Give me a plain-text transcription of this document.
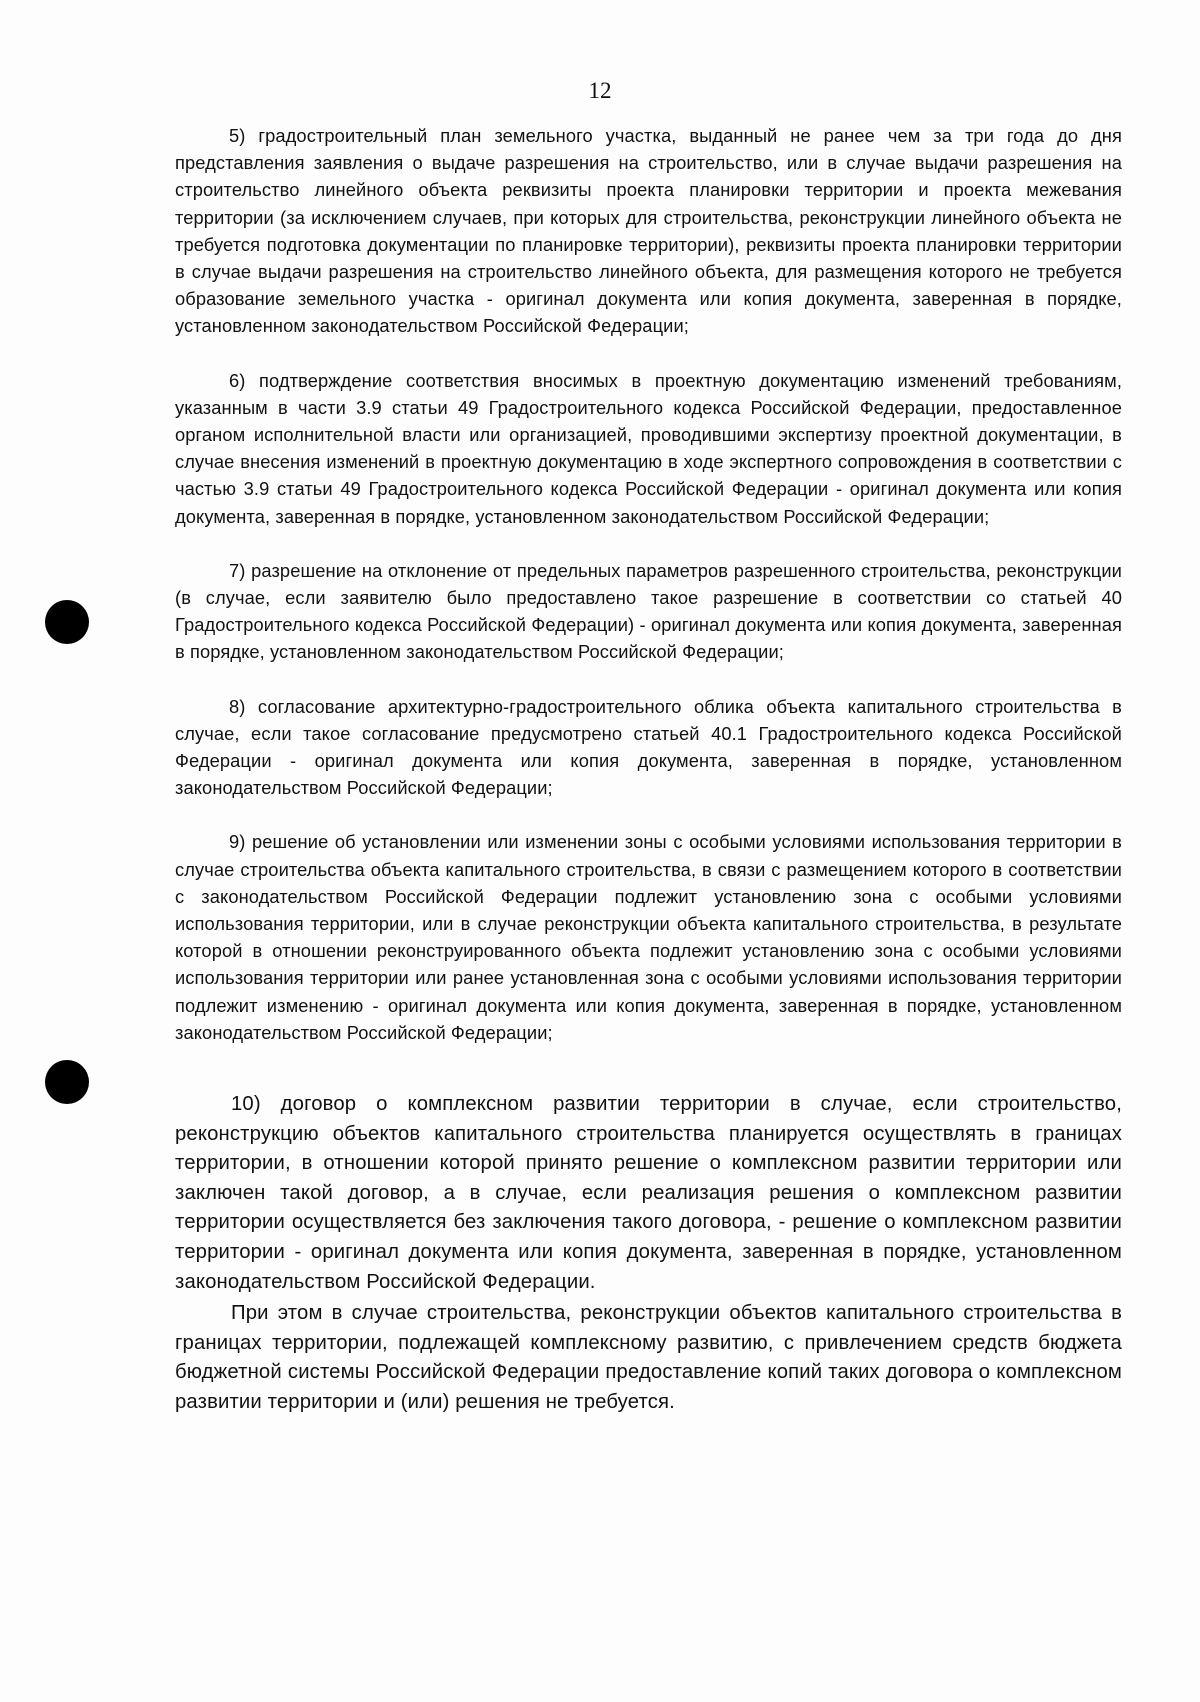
12

5) градостроительный план земельного участка, выданный не ранее чем за три года до дня представления заявления о выдаче разрешения на строительство, или в случае выдачи разрешения на строительство линейного объекта реквизиты проекта планировки территории и проекта межевания территории (за исключением случаев, при которых для строительства, реконструкции линейного объекта не требуется подготовка документации по планировке территории), реквизиты проекта планировки территории в случае выдачи разрешения на строительство линейного объекта, для размещения которого не требуется образование земельного участка - оригинал документа или копия документа, заверенная в порядке, установленном законодательством Российской Федерации;

6) подтверждение соответствия вносимых в проектную документацию изменений требованиям, указанным в части 3.9 статьи 49 Градостроительного кодекса Российской Федерации, предоставленное органом исполнительной власти или организацией, проводившими экспертизу проектной документации, в случае внесения изменений в проектную документацию в ходе экспертного сопровождения в соответствии с частью 3.9 статьи 49 Градостроительного кодекса Российской Федерации - оригинал документа или копия документа, заверенная в порядке, установленном законодательством Российской Федерации;

7) разрешение на отклонение от предельных параметров разрешенного строительства, реконструкции (в случае, если заявителю было предоставлено такое разрешение в соответствии со статьей 40 Градостроительного кодекса Российской Федерации) - оригинал документа или копия документа, заверенная в порядке, установленном законодательством Российской Федерации;

8) согласование архитектурно-градостроительного облика объекта капитального строительства в случае, если такое согласование предусмотрено статьей 40.1 Градостроительного кодекса Российской Федерации - оригинал документа или копия документа, заверенная в порядке, установленном законодательством Российской Федерации;

9) решение об установлении или изменении зоны с особыми условиями использования территории в случае строительства объекта капитального строительства, в связи с размещением которого в соответствии с законодательством Российской Федерации подлежит установлению зона с особыми условиями использования территории, или в случае реконструкции объекта капитального строительства, в результате которой в отношении реконструированного объекта подлежит установлению зона с особыми условиями использования территории или ранее установленная зона с особыми условиями использования территории подлежит изменению - оригинал документа или копия документа, заверенная в порядке, установленном законодательством Российской Федерации;

10) договор о комплексном развитии территории в случае, если строительство, реконструкцию объектов капитального строительства планируется осуществлять в границах территории, в отношении которой принято решение о комплексном развитии территории или заключен такой договор, а в случае, если реализация решения о комплексном развитии территории осуществляется без заключения такого договора, - решение о комплексном развитии территории - оригинал документа или копия документа, заверенная в порядке, установленном законодательством Российской Федерации.

При этом в случае строительства, реконструкции объектов капитального строительства в границах территории, подлежащей комплексному развитию, с привлечением средств бюджета бюджетной системы Российской Федерации предоставление копий таких договора о комплексном развитии территории и (или) решения не требуется.
